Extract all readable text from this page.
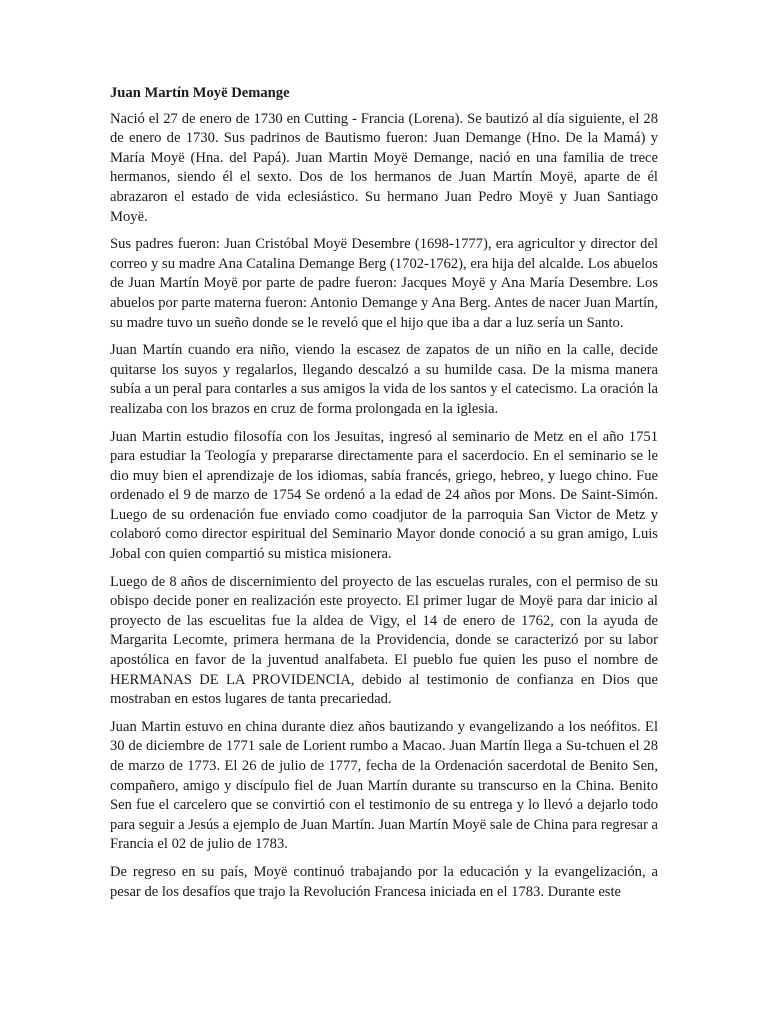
Juan Martín Moyë Demange

Nació el 27 de enero de 1730 en Cutting - Francia (Lorena). Se bautizó al día siguiente, el 28 de enero de 1730. Sus padrinos de Bautismo fueron: Juan Demange (Hno. De la Mamá) y María Moyë (Hna. del Papá). Juan Martin Moyë Demange, nació en una familia de trece hermanos, siendo él el sexto. Dos de los hermanos de Juan Martín Moyë, aparte de él abrazaron el estado de vida eclesiástico. Su hermano Juan Pedro Moyë y Juan Santiago Moyë.

Sus padres fueron: Juan Cristóbal Moyë Desembre (1698-1777), era agricultor y director del correo y su madre Ana Catalina Demange Berg (1702-1762), era hija del alcalde. Los abuelos de Juan Martín Moyë por parte de padre fueron: Jacques Moyë y Ana María Desembre. Los abuelos por parte materna fueron: Antonio Demange y Ana Berg. Antes de nacer Juan Martín, su madre tuvo un sueño donde se le reveló que el hijo que iba a dar a luz sería un Santo.

Juan Martín cuando era niño, viendo la escasez de zapatos de un niño en la calle, decide quitarse los suyos y regalarlos, llegando descalzó a su humilde casa. De la misma manera subía a un peral para contarles a sus amigos la vida de los santos y el catecismo. La oración la realizaba con los brazos en cruz de forma prolongada en la iglesia.

Juan Martin estudio filosofía con los Jesuitas, ingresó al seminario de Metz en el año 1751 para estudiar la Teología y prepararse directamente para el sacerdocio. En el seminario se le dio muy bien el aprendizaje de los idiomas, sabía francés, griego, hebreo, y luego chino. Fue ordenado el 9 de marzo de 1754 Se ordenó a la edad de 24 años por Mons. De Saint-Simón. Luego de su ordenación fue enviado como coadjutor de la parroquia San Victor de Metz y colaboró como director espiritual del Seminario Mayor donde conoció a su gran amigo, Luis Jobal con quien compartió su mistica misionera.

Luego de 8 años de discernimiento del proyecto de las escuelas rurales, con el permiso de su obispo decide poner en realización este proyecto. El primer lugar de Moyë para dar inicio al proyecto de las escuelitas fue la aldea de Vigy, el 14 de enero de 1762, con la ayuda de Margarita Lecomte, primera hermana de la Providencia, donde se caracterizó por su labor apostólica en favor de la juventud analfabeta. El pueblo fue quien les puso el nombre de HERMANAS DE LA PROVIDENCIA, debido al testimonio de confianza en Dios que mostraban en estos lugares de tanta precariedad.

Juan Martin estuvo en china durante diez años bautizando y evangelizando a los neófitos. El 30 de diciembre de 1771 sale de Lorient rumbo a Macao. Juan Martín llega a Su-tchuen el 28 de marzo de 1773. El 26 de julio de 1777, fecha de la Ordenación sacerdotal de Benito Sen, compañero, amigo y discípulo fiel de Juan Martín durante su transcurso en la China. Benito Sen fue el carcelero que se convirtió con el testimonio de su entrega y lo llevó a dejarlo todo para seguir a Jesús a ejemplo de Juan Martín. Juan Martín Moyë sale de China para regresar a Francia el 02 de julio de 1783.

De regreso en su país, Moyë continuó trabajando por la educación y la evangelización, a pesar de los desafíos que trajo la Revolución Francesa iniciada en el 1783. Durante este
